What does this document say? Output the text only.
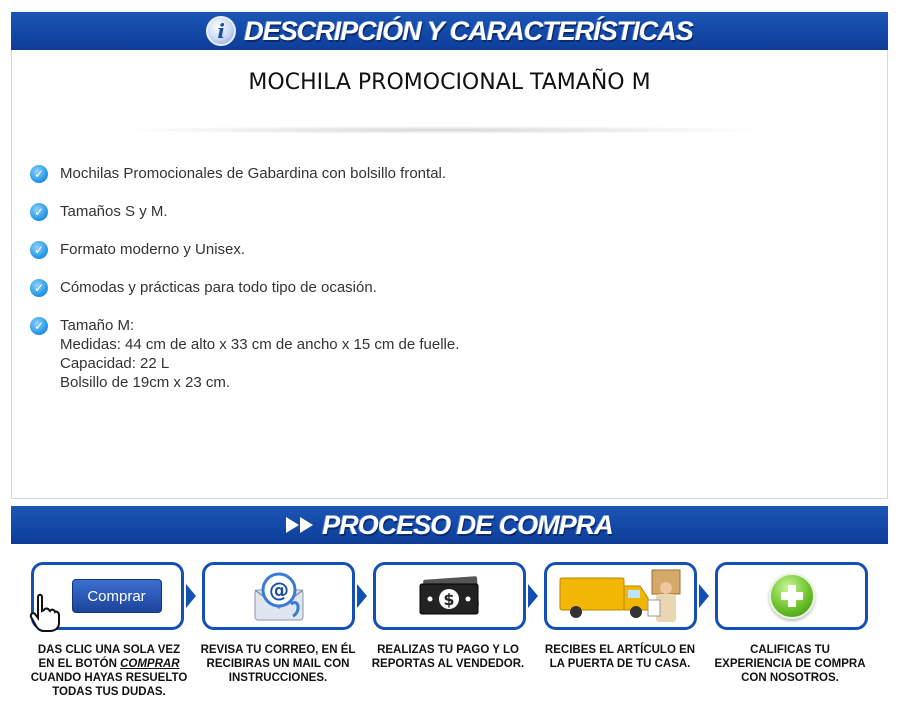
i DESCRIPCIÓN Y CARACTERÍSTICAS
MOCHILA PROMOCIONAL TAMAÑO M
✓ Mochilas Promocionales de Gabardina con bolsillo frontal.
✓ Tamaños S y M.
✓ Formato moderno y Unisex.
✓ Cómodas y prácticas para todo tipo de ocasión.
✓ Tamaño M:
Medidas: 44 cm de alto x 33 cm de ancho x 15 cm de fuelle.
Capacidad: 22 L
Bolsillo de 19cm x 23 cm.
PROCESO DE COMPRA
Comprar	@	$
DAS CLIC UNA SOLA VEZ EN EL BOTÓN COMPRAR CUANDO HAYAS RESUELTO TODAS TUS DUDAS.
REVISA TU CORREO, EN ÉL RECIBIRAS UN MAIL CON INSTRUCCIONES.
REALIZAS TU PAGO Y LO REPORTAS AL VENDEDOR.
RECIBES EL ARTÍCULO EN LA PUERTA DE TU CASA.
CALIFICAS TU EXPERIENCIA DE COMPRA CON NOSOTROS.
